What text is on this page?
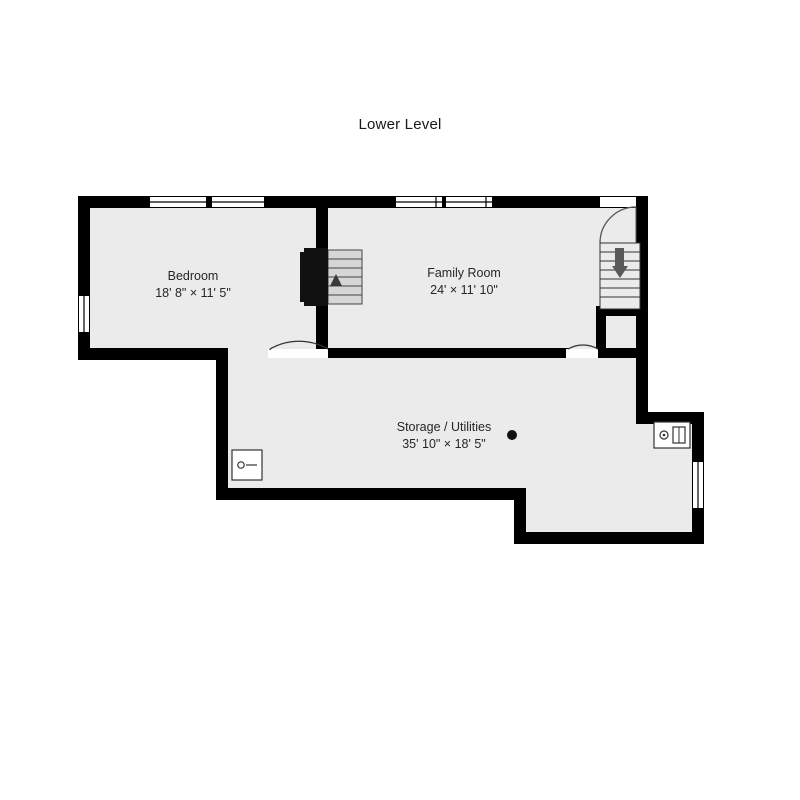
Lower Level
Bedroom
18' 8" × 11' 5"
Family Room
24' × 11' 10"
Storage / Utilities
35' 10" × 18' 5"
